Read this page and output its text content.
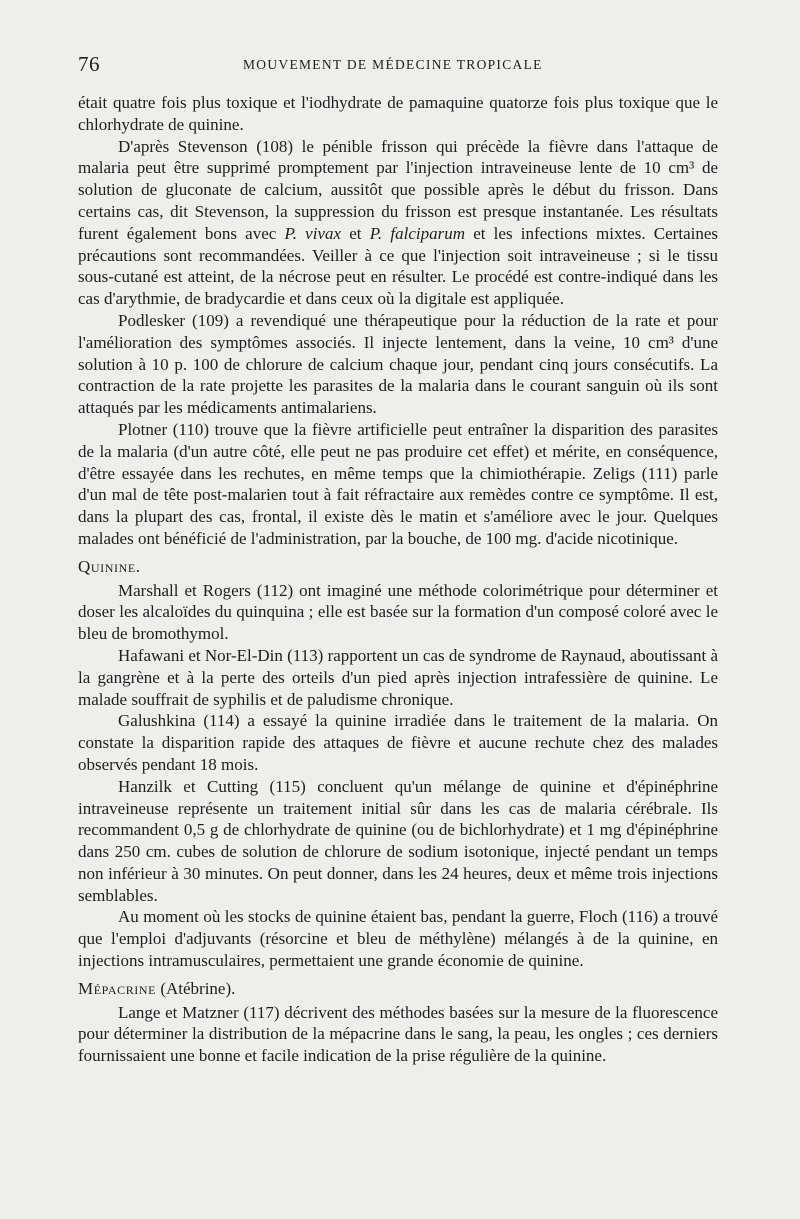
76	MOUVEMENT DE MÉDECINE TROPICALE

était quatre fois plus toxique et l'iodhydrate de pamaquine quatorze fois plus toxique que le chlorhydrate de quinine.

D'après Stevenson (108) le pénible frisson qui précède la fièvre dans l'attaque de malaria peut être supprimé promptement par l'injection intraveineuse lente de 10 cm³ de solution de gluconate de calcium, aussitôt que possible après le début du frisson. Dans certains cas, dit Stevenson, la suppression du frisson est presque instantanée. Les résultats furent également bons avec P. vivax et P. falciparum et les infections mixtes. Certaines précautions sont recommandées. Veiller à ce que l'injection soit intraveineuse ; si le tissu sous-cutané est atteint, de la nécrose peut en résulter. Le procédé est contre-indiqué dans les cas d'arythmie, de bradycardie et dans ceux où la digitale est appliquée.

Podlesker (109) a revendiqué une thérapeutique pour la réduction de la rate et pour l'amélioration des symptômes associés. Il injecte lentement, dans la veine, 10 cm³ d'une solution à 10 p. 100 de chlorure de calcium chaque jour, pendant cinq jours consécutifs. La contraction de la rate projette les parasites de la malaria dans le courant sanguin où ils sont attaqués par les médicaments antimalariens.

Plotner (110) trouve que la fièvre artificielle peut entraîner la disparition des parasites de la malaria (d'un autre côté, elle peut ne pas produire cet effet) et mérite, en conséquence, d'être essayée dans les rechutes, en même temps que la chimiothérapie. Zeligs (111) parle d'un mal de tête post-malarien tout à fait réfractaire aux remèdes contre ce symptôme. Il est, dans la plupart des cas, frontal, il existe dès le matin et s'améliore avec le jour. Quelques malades ont bénéficié de l'administration, par la bouche, de 100 mg. d'acide nicotinique.

Quinine.

Marshall et Rogers (112) ont imaginé une méthode colorimétrique pour déterminer et doser les alcaloïdes du quinquina ; elle est basée sur la formation d'un composé coloré avec le bleu de bromothymol.

Hafawani et Nor-El-Din (113) rapportent un cas de syndrome de Raynaud, aboutissant à la gangrène et à la perte des orteils d'un pied après injection intrafessière de quinine. Le malade souffrait de syphilis et de paludisme chronique.

Galushkina (114) a essayé la quinine irradiée dans le traitement de la malaria. On constate la disparition rapide des attaques de fièvre et aucune rechute chez des malades observés pendant 18 mois.

Hanzilk et Cutting (115) concluent qu'un mélange de quinine et d'épinéphrine intraveineuse représente un traitement initial sûr dans les cas de malaria cérébrale. Ils recommandent 0,5 g de chlorhydrate de quinine (ou de bichlorhydrate) et 1 mg d'épinéphrine dans 250 cm. cubes de solution de chlorure de sodium isotonique, injecté pendant un temps non inférieur à 30 minutes. On peut donner, dans les 24 heures, deux et même trois injections semblables.

Au moment où les stocks de quinine étaient bas, pendant la guerre, Floch (116) a trouvé que l'emploi d'adjuvants (résorcine et bleu de méthylène) mélangés à de la quinine, en injections intramusculaires, permettaient une grande économie de quinine.

Mépacrine (Atébrine).

Lange et Matzner (117) décrivent des méthodes basées sur la mesure de la fluorescence pour déterminer la distribution de la mépacrine dans le sang, la peau, les ongles ; ces derniers fournissaient une bonne et facile indication de la prise régulière de la quinine.
